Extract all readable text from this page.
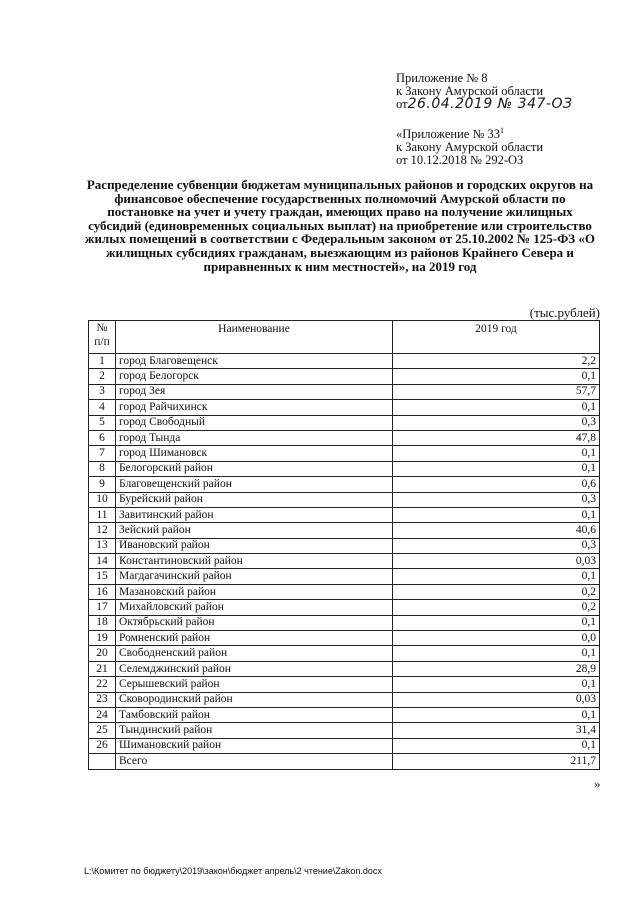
Приложение № 8
к Закону Амурской области
от26.04.2019 № 347-ОЗ
«Приложение № $33^1$
к Закону Амурской области
от 10.12.2018 № 292-ОЗ
Распределение субвенции бюджетам муниципальных районов и городских округов на финансовое обеспечение государственных полномочий Амурской области по постановке на учет и учету граждан, имеющих право на получение жилищных субсидий (единовременных социальных выплат) на приобретение или строительство жилых помещений в соответствии с Федеральным законом от 25.10.2002 № 125-ФЗ «О жилищных субсидиях гражданам, выезжающим из районов Крайнего Севера и приравненных к ним местностей», на 2019 год
(тыс.рублей)
№
п/п	Наименование	2019 год
1	город Благовещенск	2,2
2	город Белогорск	0,1
3	город Зея	57,7
4	город Райчихинск	0,1
5	город Свободный	0,3
6	город Тында	47,8
7	город Шимановск	0,1
8	Белогорский район	0,1
9	Благовещенский район	0,6
10	Бурейский район	0,3
11	Завитинский район	0,1
12	Зейский район	40,6
13	Ивановский район	0,3
14	Константиновский район	0,03
15	Магдагачинский район	0,1
16	Мазановский район	0,2
17	Михайловский район	0,2
18	Октябрьский район	0,1
19	Ромненский район	0,0
20	Свободненский район	0,1
21	Селемджинский район	28,9
22	Серышевский район	0,1
23	Сковородинский район	0,03
24	Тамбовский район	0,1
25	Тындинский район	31,4
26	Шимановский район	0,1
	Всего	211,7
»
L:\Комитет по бюджету\2019\закон\бюджет апрель\2 чтение\Zakon.docx
